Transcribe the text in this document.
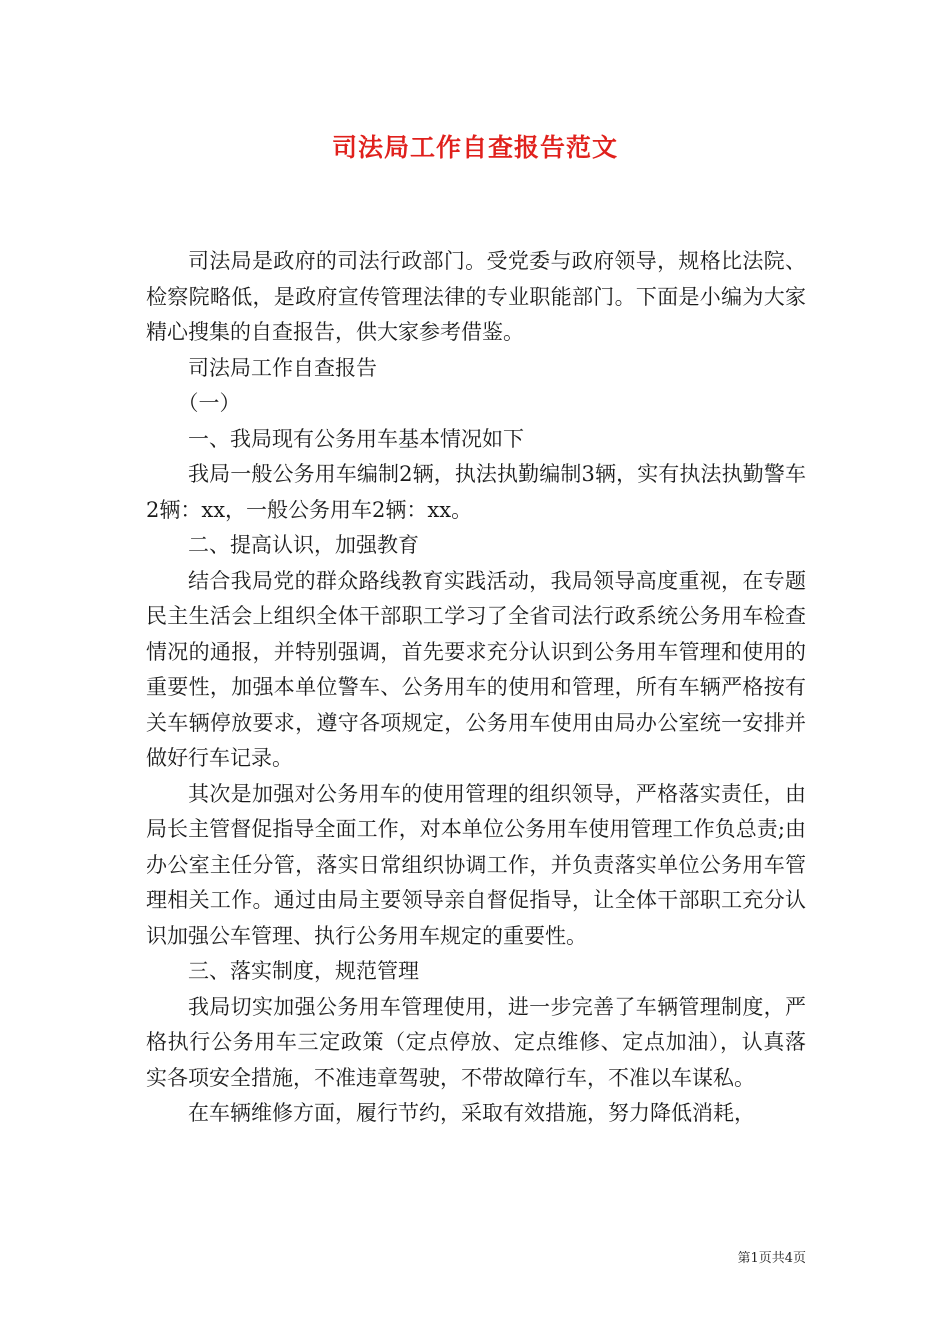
司法局工作自查报告范文

司法局是政府的司法行政部门。受党委与政府领导，规格比法院、检察院略低，是政府宣传管理法律的专业职能部门。下面是小编为大家精心搜集的自查报告，供大家参考借鉴。

司法局工作自查报告

（一）

一、我局现有公务用车基本情况如下

我局一般公务用车编制2辆，执法执勤编制3辆，实有执法执勤警车2辆：xx，一般公务用车2辆：xx。

二、提高认识，加强教育

结合我局党的群众路线教育实践活动，我局领导高度重视，在专题民主生活会上组织全体干部职工学习了全省司法行政系统公务用车检查情况的通报，并特别强调，首先要求充分认识到公务用车管理和使用的重要性，加强本单位警车、公务用车的使用和管理，所有车辆严格按有关车辆停放要求，遵守各项规定，公务用车使用由局办公室统一安排并做好行车记录。

其次是加强对公务用车的使用管理的组织领导，严格落实责任，由局长主管督促指导全面工作，对本单位公务用车使用管理工作负总责;由办公室主任分管，落实日常组织协调工作，并负责落实单位公务用车管理相关工作。通过由局主要领导亲自督促指导，让全体干部职工充分认识加强公车管理、执行公务用车规定的重要性。

三、落实制度，规范管理

我局切实加强公务用车管理使用，进一步完善了车辆管理制度，严格执行公务用车三定政策（定点停放、定点维修、定点加油），认真落实各项安全措施，不准违章驾驶，不带故障行车，不准以车谋私。

在车辆维修方面，履行节约，采取有效措施，努力降低消耗，

第1页共4页
